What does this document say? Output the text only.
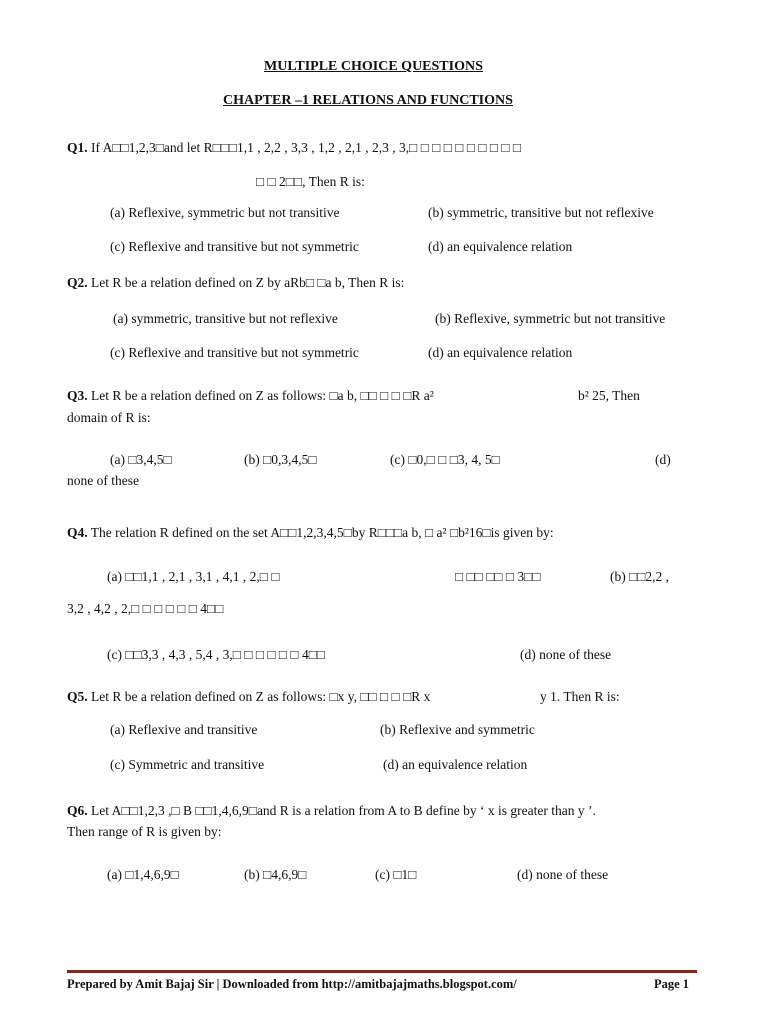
MULTIPLE CHOICE QUESTIONS
CHAPTER –1 RELATIONS AND FUNCTIONS
Q1. If A□□1,2,3□and let R□□□1,1 , 2,2 , 3,3 , 1,2 , 2,1 , 2,3 , 3,□ □ □ □ □ □ □ □ □ □
□ □ 2□□, Then R is:
(a) Reflexive, symmetric but not transitive	(b) symmetric, transitive but not reflexive
(c) Reflexive and transitive but not symmetric	(d) an equivalence relation
Q2. Let R be a relation defined on Z by aRb□ □a b, Then R is:
(a) symmetric, transitive but not reflexive	(b) Reflexive, symmetric but not transitive
(c) Reflexive and transitive but not symmetric	(d) an equivalence relation
Q3. Let R be a relation defined on Z as follows: □a b, □□ □ □ □R a²	b² 25, Then
domain of R is:
(a) □3,4,5□	(b) □0,3,4,5□	(c) □0,□ □ □3, 4, 5□	(d)
none of these
Q4. The relation R defined on the set A□□1,2,3,4,5□by R□□□a b, □ a² □b²16□is given by:
(a) □□1,1 , 2,1 , 3,1 , 4,1 , 2,□ □	□ □□ □□ □ 3□□	(b) □□2,2 ,
3,2 , 4,2 , 2,□ □ □ □ □ □ 4□□
(c) □□3,3 , 4,3 , 5,4 , 3,□ □ □ □ □ □ 4□□	(d) none of these
Q5. Let R be a relation defined on Z as follows: □x y, □□ □ □ □R x	y 1. Then R is:
(a) Reflexive and transitive	(b) Reflexive and symmetric
(c) Symmetric and transitive	(d) an equivalence relation
Q6. Let A□□1,2,3 ,□ B □□1,4,6,9□and R is a relation from A to B define by ‘ x is greater than y ’.
Then range of R is given by:
(a) □1,4,6,9□	(b) □4,6,9□	(c) □1□	(d) none of these
Prepared by Amit Bajaj Sir | Downloaded from http://amitbajajmaths.blogspot.com/	Page 1
